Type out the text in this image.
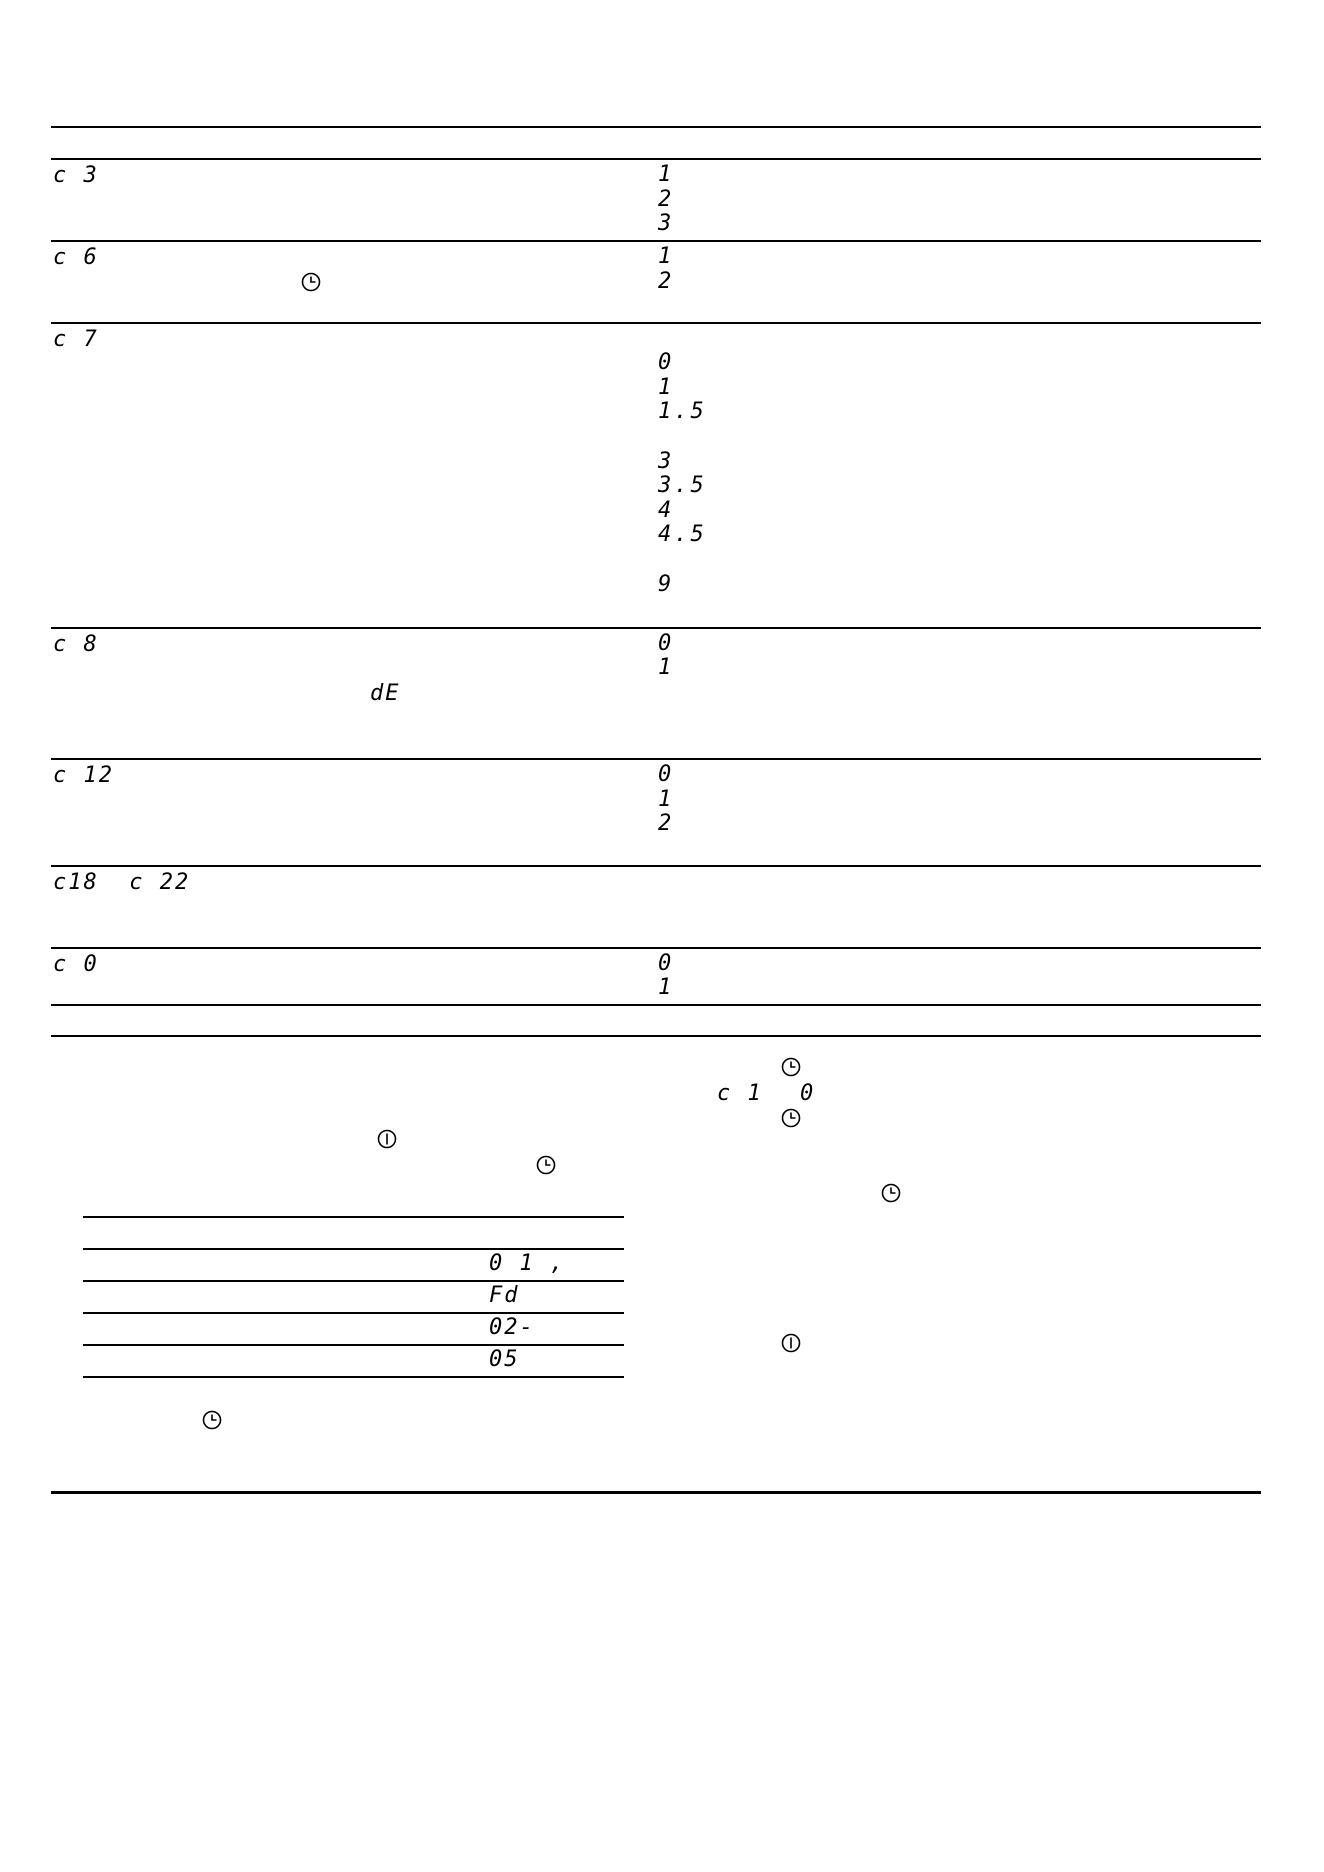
c 3
c 6
c 7
c 8
c 12
c18  c 22
c 0
dE
1
2
3
1
2
0
1
1.5
3
3.5
4
4.5
9
0
1
0
1
2
0
1
0 1 ,
Fd
02-
05
c 1 0
